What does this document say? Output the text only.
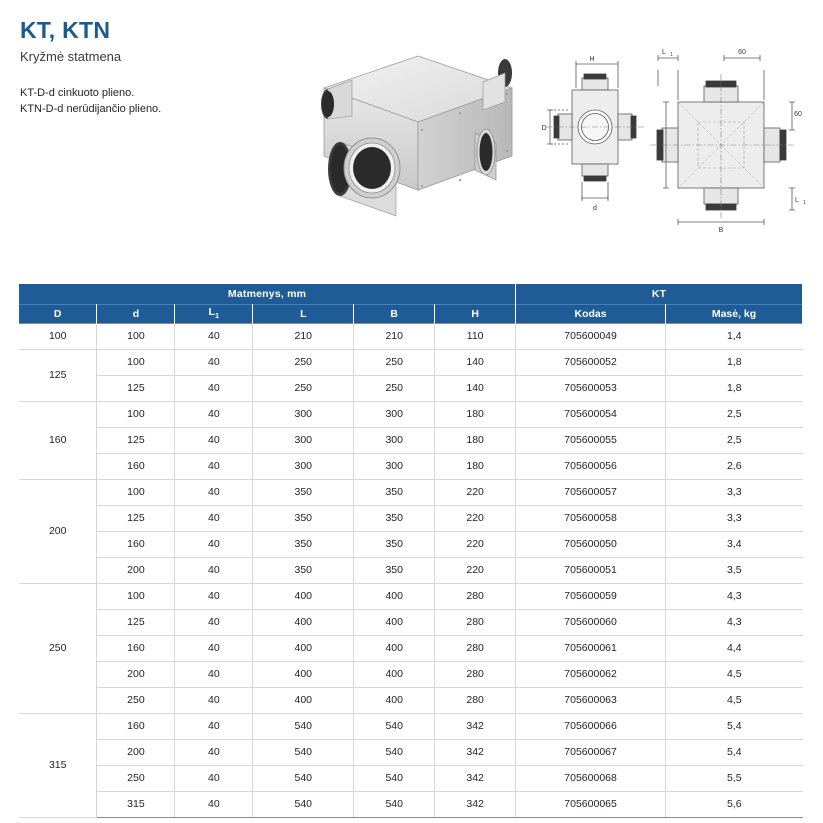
KT, KTN
Kryžmė statmena
KT-D-d cinkuoto plieno.
KTN-D-d nerūdijančio plieno.
H
D
d
L 1	60
L
60
L 1
B
Matmenys, mm						KT	
D	d	$L_1$	L	B	H	Kodas	Masė, kg
100	100	40	210	210	110	705600049	1,4
125	100	40	250	250	140	705600052	1,8
	125	40	250	250	140	705600053	1,8
160	100	40	300	300	180	705600054	2,5
	125	40	300	300	180	705600055	2,5
	160	40	300	300	180	705600056	2,6
200	100	40	350	350	220	705600057	3,3
	125	40	350	350	220	705600058	3,3
	160	40	350	350	220	705600050	3,4
	200	40	350	350	220	705600051	3,5
250	100	40	400	400	280	705600059	4,3
	125	40	400	400	280	705600060	4,3
	160	40	400	400	280	705600061	4,4
	200	40	400	400	280	705600062	4,5
	250	40	400	400	280	705600063	4,5
315	160	40	540	540	342	705600066	5,4
	200	40	540	540	342	705600067	5,4
	250	40	540	540	342	705600068	5,5
	315	40	540	540	342	705600065	5,6
